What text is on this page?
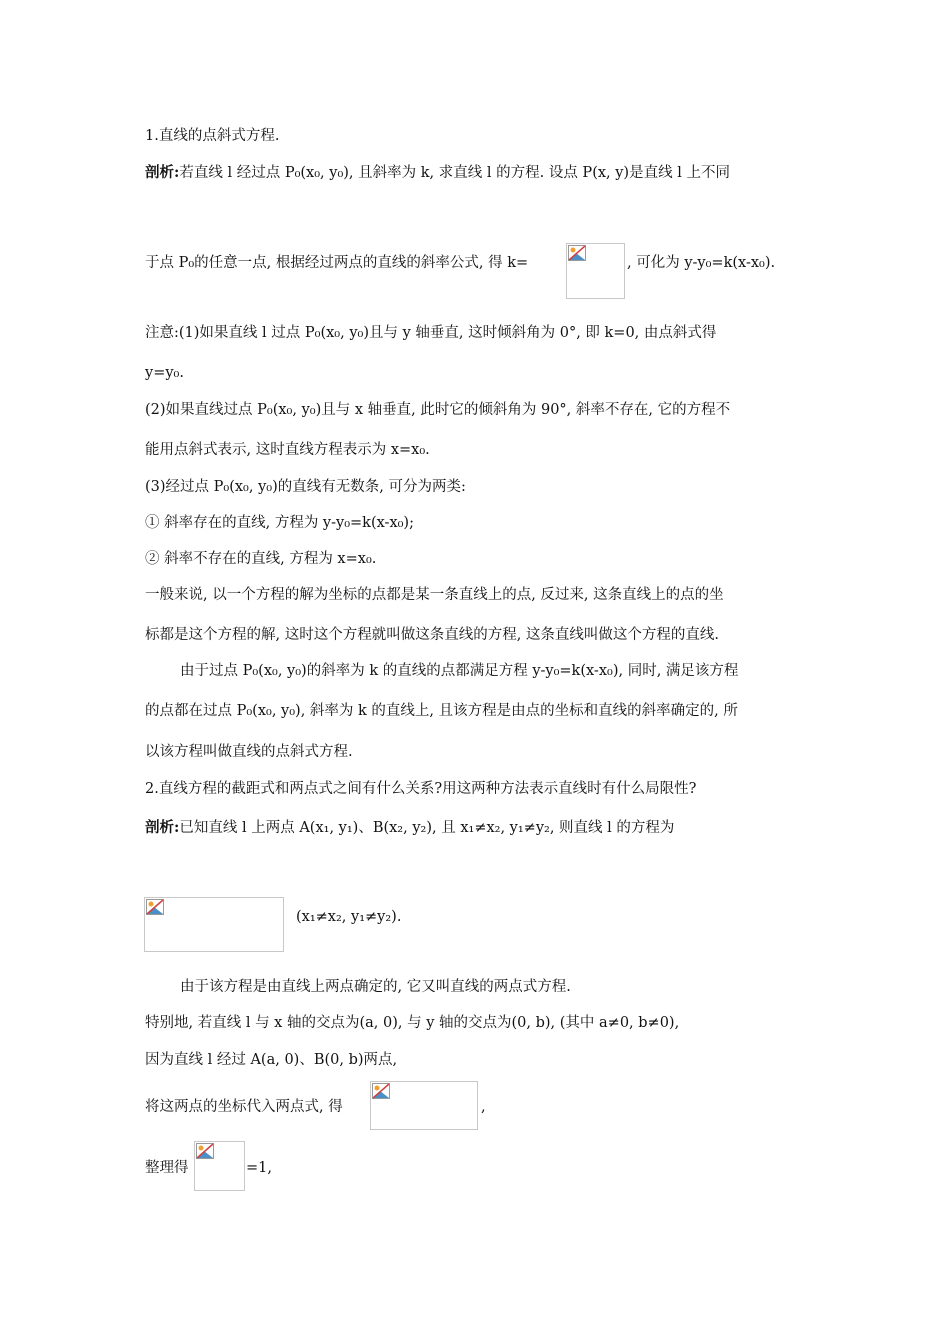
1.直线的点斜式方程.
剖析:若直线 l 经过点 P₀(x₀, y₀), 且斜率为 k, 求直线 l 的方程. 设点 P(x, y)是直线 l 上不同
于点 P₀的任意一点, 根据经过两点的直线的斜率公式, 得 k=	, 可化为 y-y₀=k(x-x₀).
注意:(1)如果直线 l 过点 P₀(x₀, y₀)且与 y 轴垂直, 这时倾斜角为 0°, 即 k=0, 由点斜式得
y=y₀.
(2)如果直线过点 P₀(x₀, y₀)且与 x 轴垂直, 此时它的倾斜角为 90°, 斜率不存在, 它的方程不
能用点斜式表示, 这时直线方程表示为 x=x₀.
(3)经过点 P₀(x₀, y₀)的直线有无数条, 可分为两类:
① 斜率存在的直线, 方程为 y-y₀=k(x-x₀);
② 斜率不存在的直线, 方程为 x=x₀.
一般来说, 以一个方程的解为坐标的点都是某一条直线上的点, 反过来, 这条直线上的点的坐
标都是这个方程的解, 这时这个方程就叫做这条直线的方程, 这条直线叫做这个方程的直线.
由于过点 P₀(x₀, y₀)的斜率为 k 的直线的点都满足方程 y-y₀=k(x-x₀), 同时, 满足该方程
的点都在过点 P₀(x₀, y₀), 斜率为 k 的直线上, 且该方程是由点的坐标和直线的斜率确定的, 所
以该方程叫做直线的点斜式方程.
2.直线方程的截距式和两点式之间有什么关系?用这两种方法表示直线时有什么局限性?
剖析:已知直线 l 上两点 A(x₁, y₁)、B(x₂, y₂), 且 x₁≠x₂, y₁≠y₂, 则直线 l 的方程为
(x₁≠x₂, y₁≠y₂).
由于该方程是由直线上两点确定的, 它又叫直线的两点式方程.
特别地, 若直线 l 与 x 轴的交点为(a, 0), 与 y 轴的交点为(0, b), (其中 a≠0, b≠0),
因为直线 l 经过 A(a, 0)、B(0, b)两点,
将这两点的坐标代入两点式, 得	,
整理得	=1,
